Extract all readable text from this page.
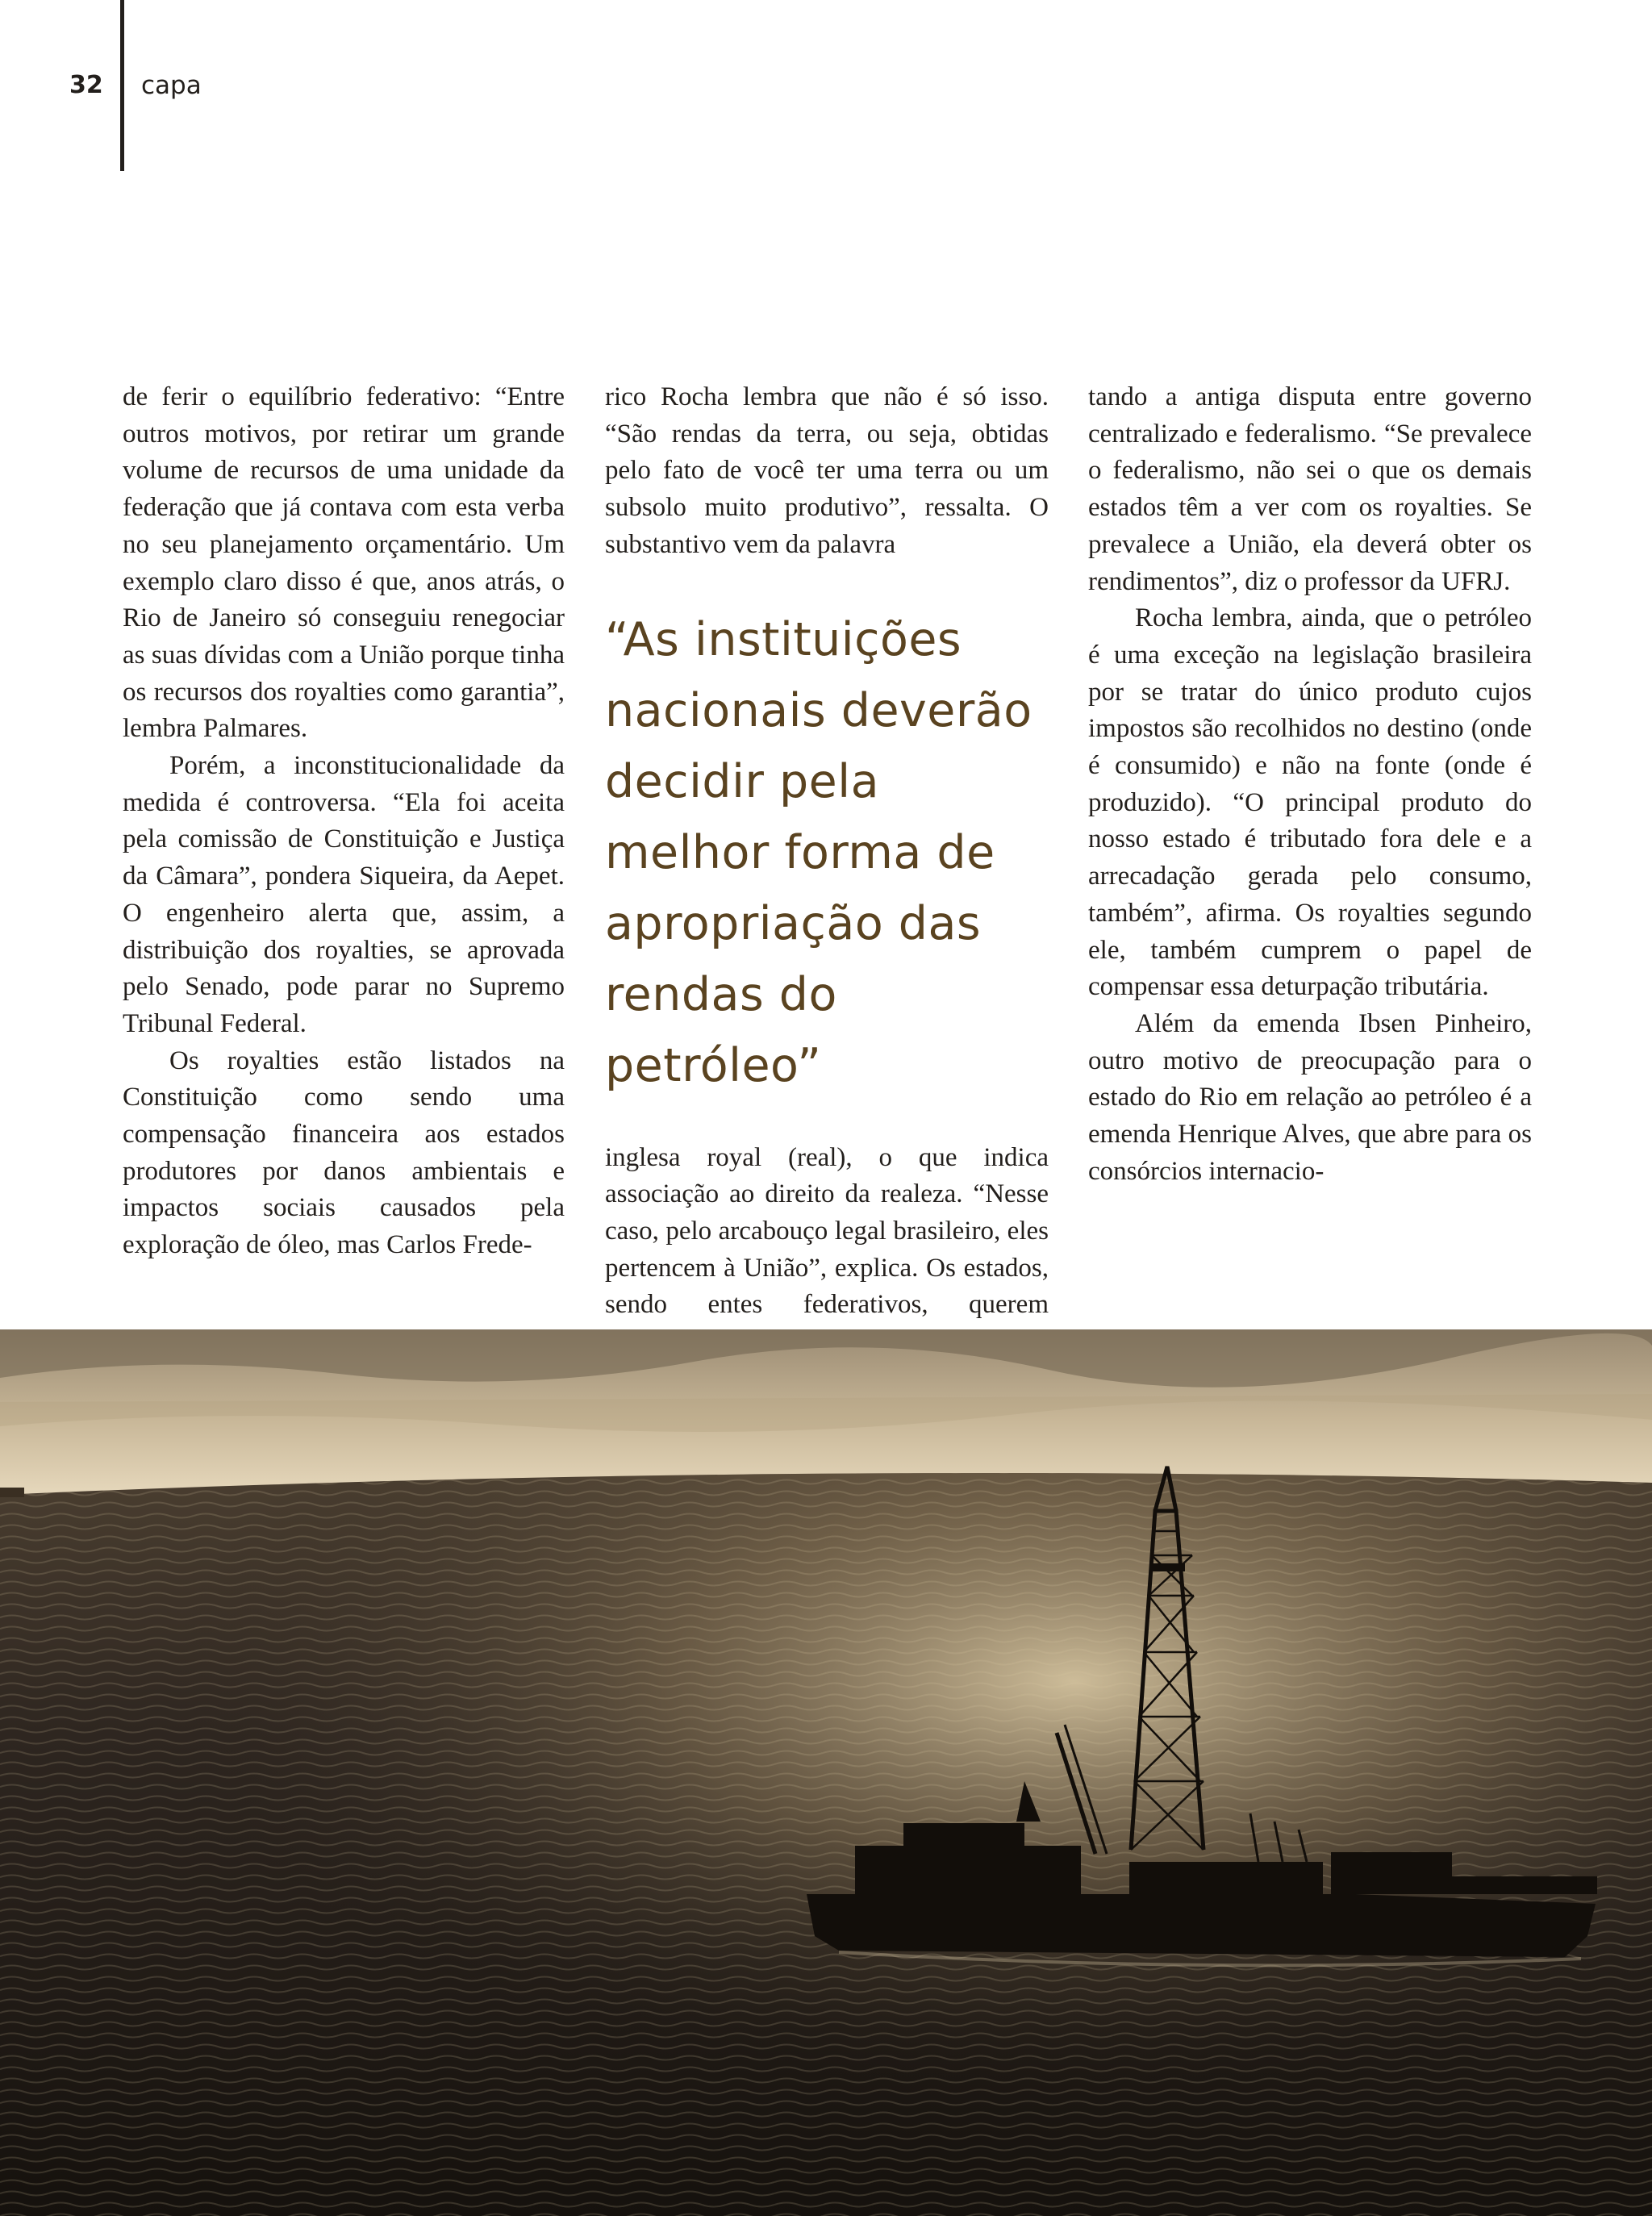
32 capa

de ferir o equilíbrio federativo: “Entre outros motivos, por retirar um grande volume de recursos de uma unidade da federação que já contava com esta verba no seu planejamento orçamentário. Um exemplo claro disso é que, anos atrás, o Rio de Janeiro só conseguiu renegociar as suas dívidas com a União porque tinha os recursos dos royalties como garantia”, lembra Palmares.

Porém, a inconstitucionalidade da medida é controversa. “Ela foi aceita pela comissão de Constituição e Justiça da Câmara”, pondera Siqueira, da Aepet. O engenheiro alerta que, assim, a distribuição dos royalties, se aprovada pelo Senado, pode parar no Supremo Tribunal Federal.

Os royalties estão listados na Constituição como sendo uma compensação financeira aos estados produtores por danos ambientais e impactos sociais causados pela exploração de óleo, mas Carlos Frede-

rico Rocha lembra que não é só isso. “São rendas da terra, ou seja, obtidas pelo fato de você ter uma terra ou um subsolo muito produtivo”, ressalta. O substantivo vem da palavra

“As instituições nacionais deverão decidir pela melhor forma de apropriação das rendas do petróleo”

inglesa royal (real), o que indica associação ao direito da realeza. “Nesse caso, pelo arcabouço legal brasileiro, eles pertencem à União”, explica. Os estados, sendo entes federativos, querem

tando a antiga disputa entre governo centralizado e federalismo. “Se prevalece o federalismo, não sei o que os demais estados têm a ver com os royalties. Se prevalece a União, ela deverá obter os rendimentos”, diz o professor da UFRJ.

Rocha lembra, ainda, que o petróleo é uma exceção na legislação brasileira por se tratar do único produto cujos impostos são recolhidos no destino (onde é consumido) e não na fonte (onde é produzido). “O principal produto do nosso estado é tributado fora dele e a arrecadação gerada pelo consumo, também”, afirma. Os royalties segundo ele, também cumprem o papel de compensar essa deturpação tributária.

Além da emenda Ibsen Pinheiro, outro motivo de preocupação para o estado do Rio em relação ao petróleo é a emenda Henrique Alves, que abre para os consórcios internacio-
